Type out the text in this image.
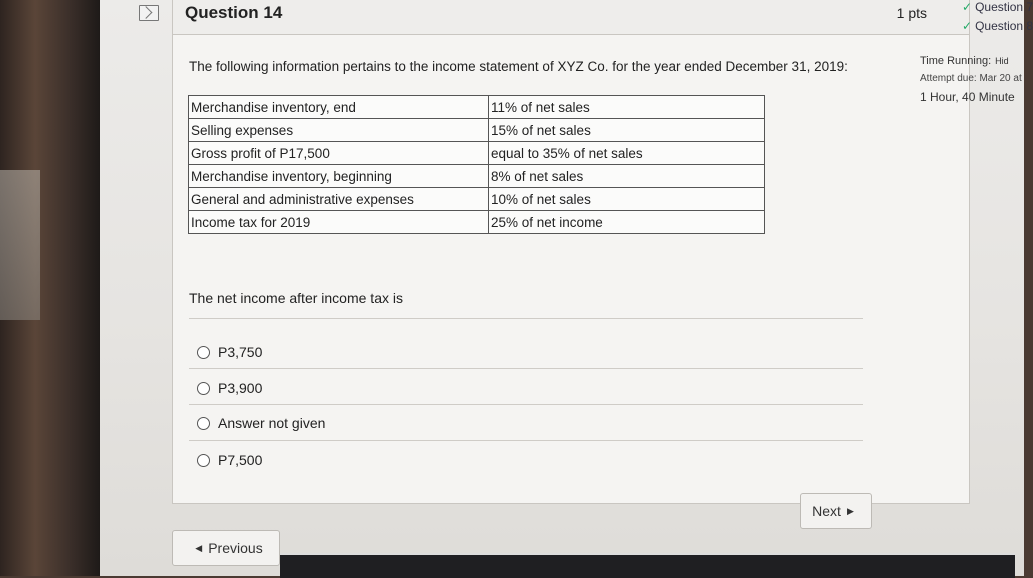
Question 14	1 pts
The following information pertains to the income statement of XYZ Co. for the year ended December 31, 2019:
Merchandise inventory, end	11% of net sales
Selling expenses	15% of net sales
Gross profit of P17,500	equal to 35% of net sales
Merchandise inventory, beginning	8% of net sales
General and administrative expenses	10% of net sales
Income tax for 2019	25% of net income
The net income after income tax is
P3,750
P3,900
Answer not given
P7,500
Next ▶
◀ Previous
✓ Question 7
✓ Question 8
Time Running: Hid
Attempt due: Mar 20 at
1 Hour, 40 Minute
